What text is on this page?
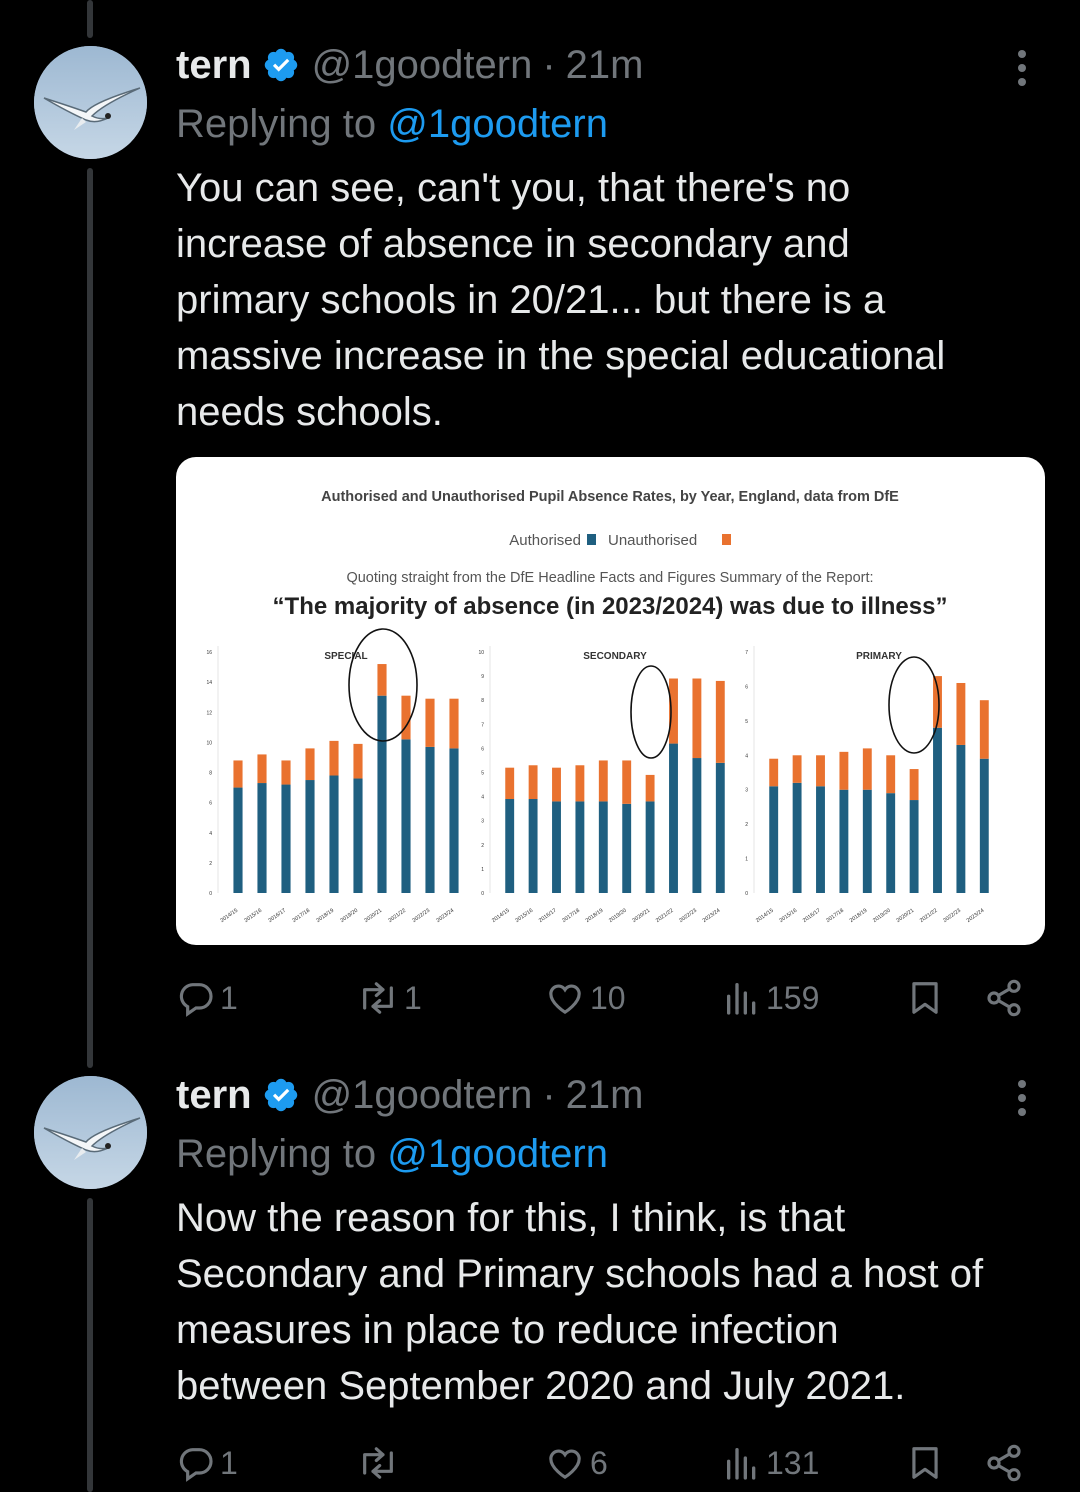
tern @1goodtern · 21m
Replying to @1goodtern
You can see, can't you, that there's no
increase of absence in secondary and
primary schools in 20/21... but there is a
massive increase in the special educational
needs schools.
Authorised and Unauthorised Pupil Absence Rates, by Year, England, data from DfE
Authorised Unauthorised
Quoting straight from the DfE Headline Facts and Figures Summary of the Report:
“The majority of absence (in 2023/2024) was due to illness”
0
2
4
6
8
10
12
14
16	SPECIAL
2014/15 2015/16 2016/17 2017/18 2018/19 2019/20 2020/21 2021/22 2022/23 2023/24
0
1
2
3
4
5
6
7
8
9
10	SECONDARY
2014/15 2015/16 2016/17 2017/18 2018/19 2019/20 2020/21 2021/22 2022/23 2023/24
0
1
2
3
4
5
6
7	PRIMARY
2014/15 2015/16 2016/17 2017/18 2018/19 2019/20 2020/21 2021/22 2022/23 2023/24
1	1	10	159
tern @1goodtern · 21m
Replying to @1goodtern
Now the reason for this, I think, is that
Secondary and Primary schools had a host of
measures in place to reduce infection
between September 2020 and July 2021.
1	6	131
